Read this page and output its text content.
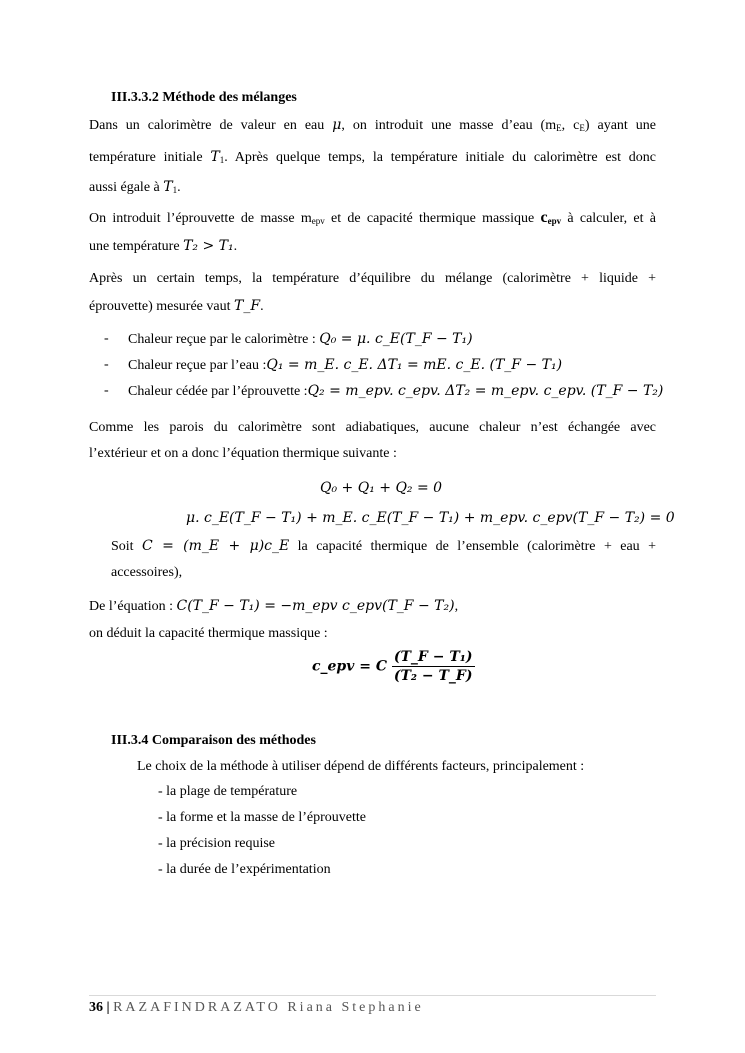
III.3.3.2 Méthode des mélanges
Dans un calorimètre de valeur en eau μ, on introduit une masse d’eau ($m_E$, $c_E$) ayant une
température initiale $T_1$. Après quelque temps, la température initiale du calorimètre est donc
aussi égale à $T_1$.
On introduit l’éprouvette de masse $m_{epv}$ et de capacité thermique massique $c_{epv}$ à calculer, et à
une température T₂ > T₁.
Après un certain temps, la température d’équilibre du mélange (calorimètre + liquide +
éprouvette) mesurée vaut T_F.
- Chaleur reçue par le calorimètre : Q₀ = μ. c_E(T_F − T₁)
- Chaleur reçue par l’eau :Q₁ = m_E. c_E. ΔT₁ = mE. c_E. (T_F − T₁)
- Chaleur cédée par l’éprouvette :Q₂ = m_epv. c_epv. ΔT₂ = m_epv. c_epv. (T_F − T₂)
Comme les parois du calorimètre sont adiabatiques, aucune chaleur n’est échangée avec
l’extérieur et on a donc l’équation thermique suivante :
Q₀ + Q₁ + Q₂ = 0
μ. c_E(T_F − T₁) + m_E. c_E(T_F − T₁) + m_epv. c_epv(T_F − T₂) = 0
Soit C = (m_E + μ)c_E la capacité thermique de l’ensemble (calorimètre + eau +
accessoires),
De l’équation : C(T_F − T₁) = −m_epv c_epv(T_F − T₂),
on déduit la capacité thermique massique :
c_epv = C $\frac{\text{(T\_F − T₁)}}{\text{(T₂ − T\_F)}}$
III.3.4 Comparaison des méthodes
Le choix de la méthode à utiliser dépend de différents facteurs, principalement :
- la plage de température
- la forme et la masse de l’éprouvette
- la précision requise
- la durée de l’expérimentation
36 | RAZAFINDRAZATO Riana Stephanie
